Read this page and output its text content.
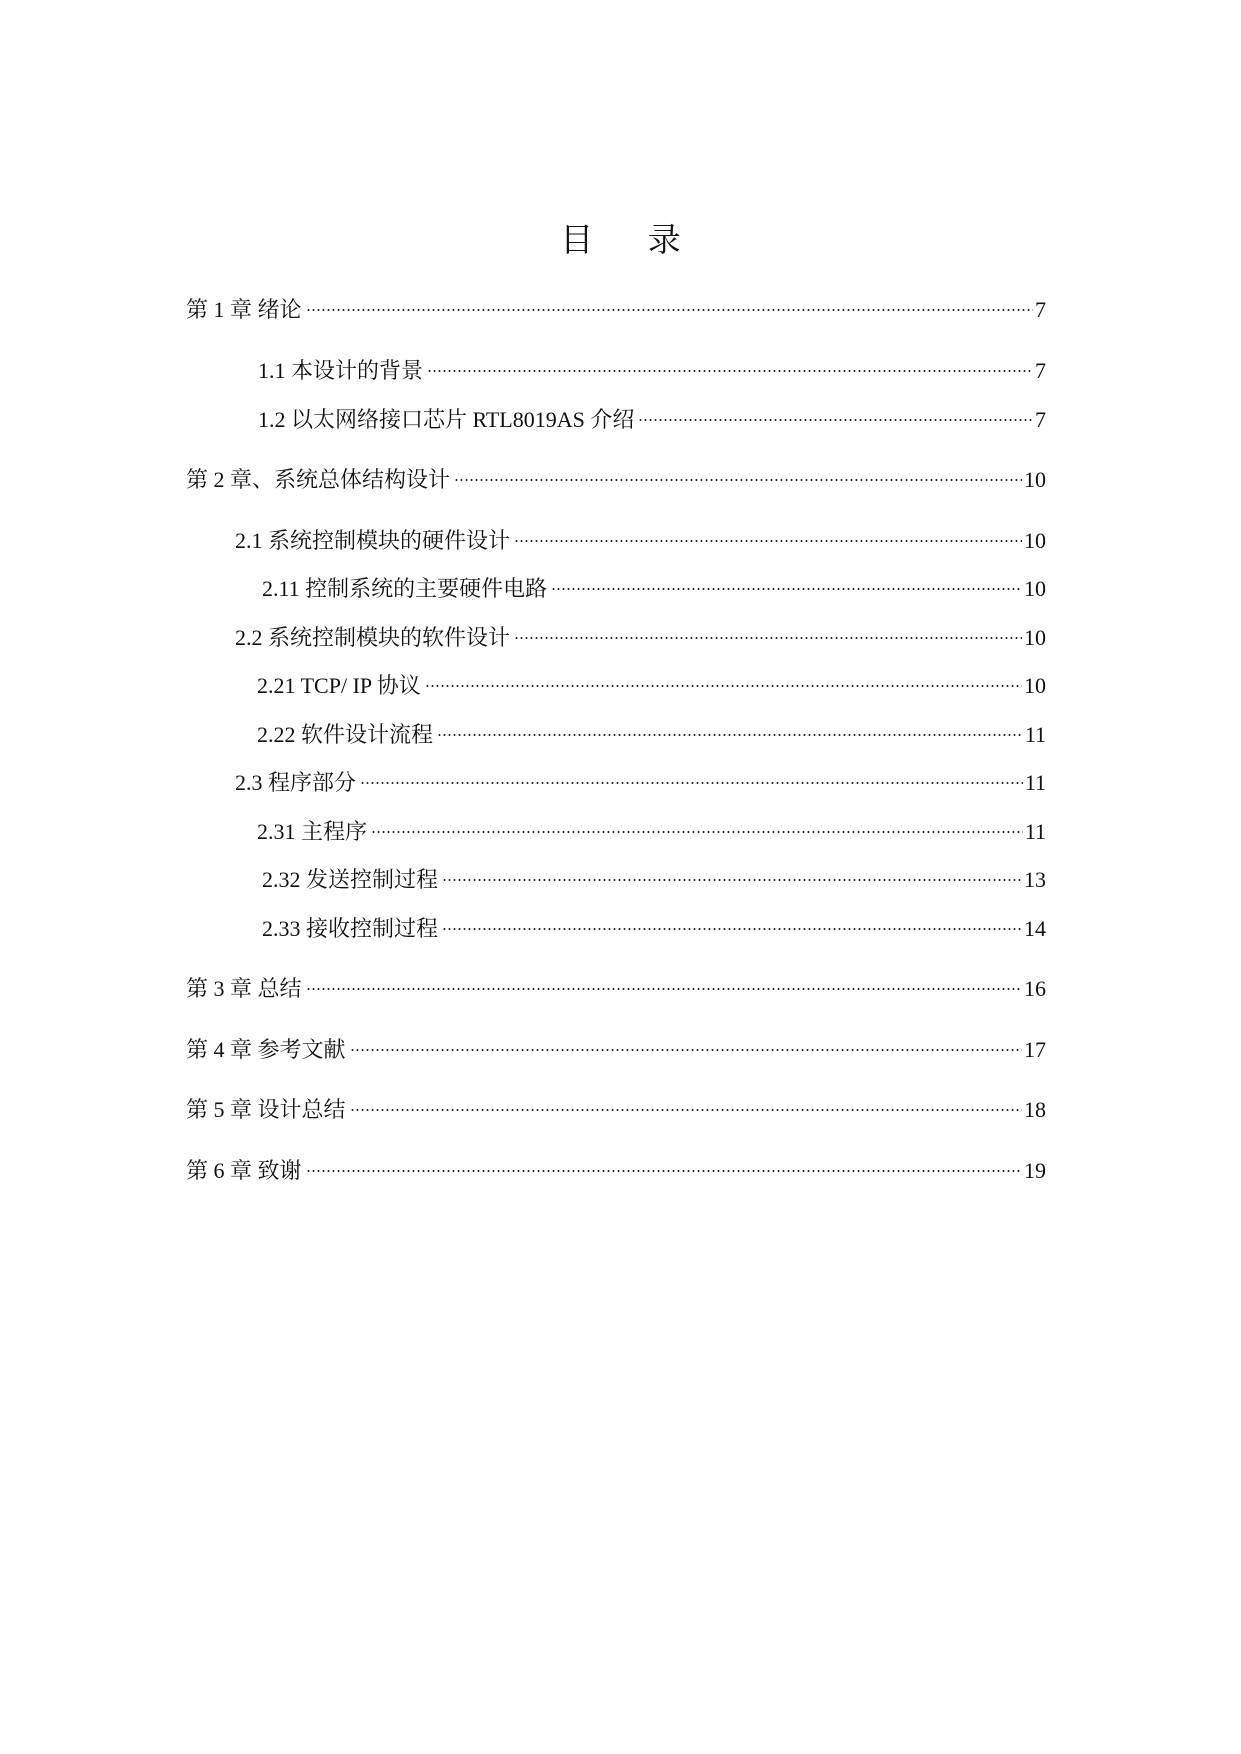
目 录
第 1 章 绪论	7
1.1 本设计的背景	7
1.2 以太网络接口芯片 RTL8019AS 介绍	7
第 2 章、系统总体结构设计	10
2.1 系统控制模块的硬件设计	10
2.11 控制系统的主要硬件电路	10
2.2 系统控制模块的软件设计	10
2.21 TCP/ IP 协议	10
2.22 软件设计流程	11
2.3 程序部分	11
2.31 主程序	11
2.32 发送控制过程	13
2.33 接收控制过程	14
第 3 章 总结	16
第 4 章 参考文献	17
第 5 章 设计总结	18
第 6 章 致谢	19
